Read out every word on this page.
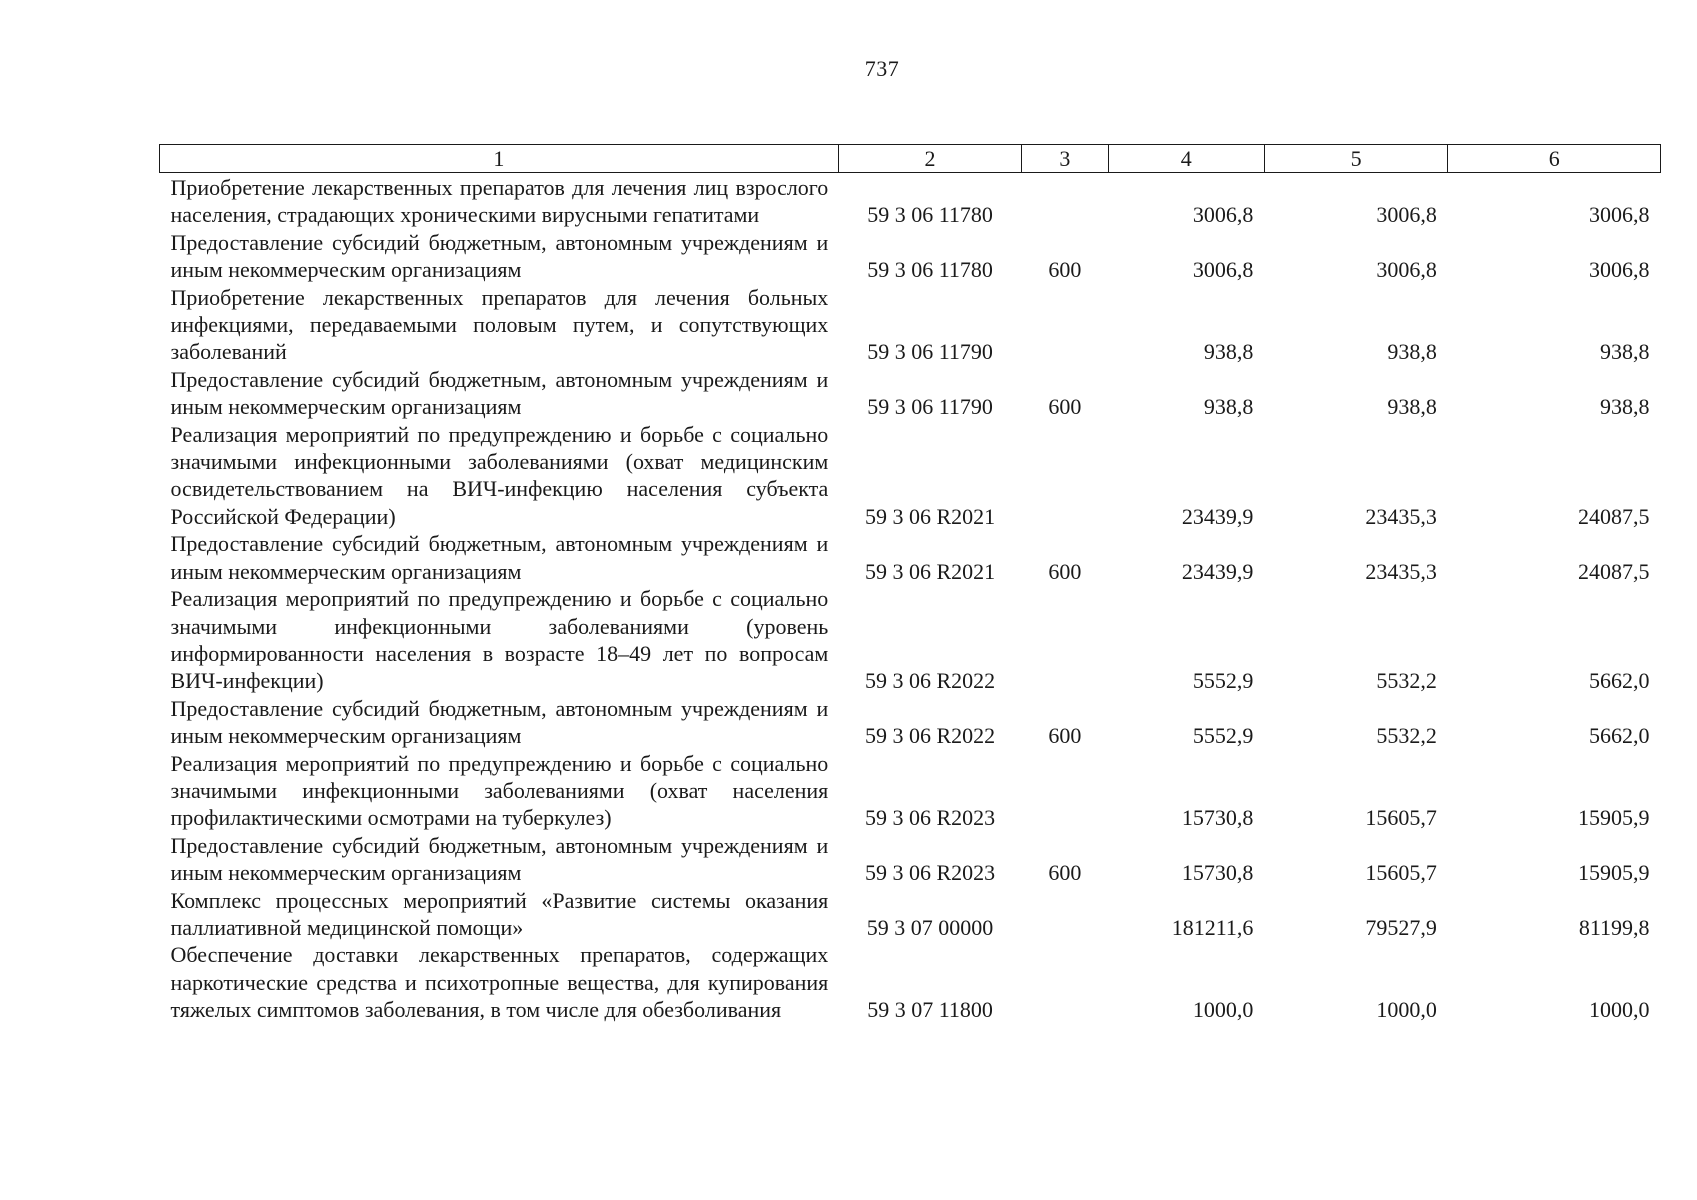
737
1	2	3	4	5	6
Приобретение лекарственных препаратов для лечения лиц взрослого населения, страдающих хроническими вирусными гепатитами	59 3 06 11780		3006,8	3006,8	3006,8
Предоставление субсидий бюджетным, автономным учреждениям и иным некоммерческим организациям	59 3 06 11780	600	3006,8	3006,8	3006,8
Приобретение лекарственных препаратов для лечения больных инфекциями, передаваемыми половым путем, и сопутствующих заболеваний	59 3 06 11790		938,8	938,8	938,8
Предоставление субсидий бюджетным, автономным учреждениям и иным некоммерческим организациям	59 3 06 11790	600	938,8	938,8	938,8
Реализация мероприятий по предупреждению и борьбе с социально значимыми инфекционными заболеваниями (охват медицинским освидетельствованием на ВИЧ-инфекцию населения субъекта Российской Федерации)	59 3 06 R2021		23439,9	23435,3	24087,5
Предоставление субсидий бюджетным, автономным учреждениям и иным некоммерческим организациям	59 3 06 R2021	600	23439,9	23435,3	24087,5
Реализация мероприятий по предупреждению и борьбе с социально значимыми инфекционными заболеваниями (уровень информированности населения в возрасте 18–49 лет по вопросам ВИЧ-инфекции)	59 3 06 R2022		5552,9	5532,2	5662,0
Предоставление субсидий бюджетным, автономным учреждениям и иным некоммерческим организациям	59 3 06 R2022	600	5552,9	5532,2	5662,0
Реализация мероприятий по предупреждению и борьбе с социально значимыми инфекционными заболеваниями (охват населения профилактическими осмотрами на туберкулез)	59 3 06 R2023		15730,8	15605,7	15905,9
Предоставление субсидий бюджетным, автономным учреждениям и иным некоммерческим организациям	59 3 06 R2023	600	15730,8	15605,7	15905,9
Комплекс процессных мероприятий «Развитие системы оказания паллиативной медицинской помощи»	59 3 07 00000		181211,6	79527,9	81199,8
Обеспечение доставки лекарственных препаратов, содержащих наркотические средства и психотропные вещества, для купирования тяжелых симптомов заболевания, в том числе для обезболивания	59 3 07 11800		1000,0	1000,0	1000,0
